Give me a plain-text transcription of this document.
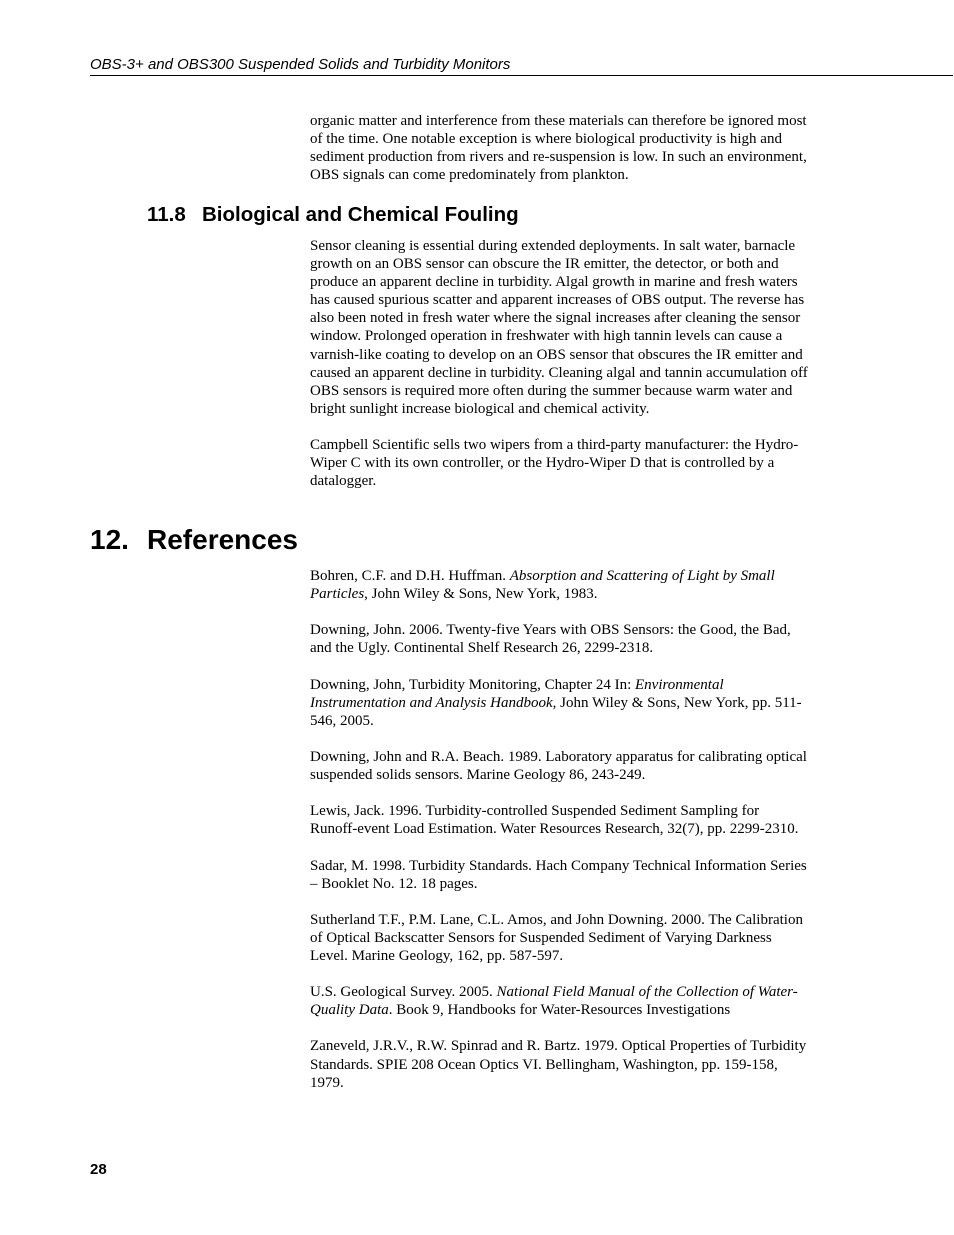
OBS-3+ and OBS300 Suspended Solids and Turbidity Monitors

organic matter and interference from these materials can therefore be ignored most of the time. One notable exception is where biological productivity is high and sediment production from rivers and re-suspension is low. In such an environment, OBS signals can come predominately from plankton.

11.8 Biological and Chemical Fouling

Sensor cleaning is essential during extended deployments. In salt water, barnacle growth on an OBS sensor can obscure the IR emitter, the detector, or both and produce an apparent decline in turbidity. Algal growth in marine and fresh waters has caused spurious scatter and apparent increases of OBS output. The reverse has also been noted in fresh water where the signal increases after cleaning the sensor window. Prolonged operation in freshwater with high tannin levels can cause a varnish-like coating to develop on an OBS sensor that obscures the IR emitter and caused an apparent decline in turbidity. Cleaning algal and tannin accumulation off OBS sensors is required more often during the summer because warm water and bright sunlight increase biological and chemical activity.

Campbell Scientific sells two wipers from a third-party manufacturer: the Hydro-Wiper C with its own controller, or the Hydro-Wiper D that is controlled by a datalogger.

12. References

Bohren, C.F. and D.H. Huffman. Absorption and Scattering of Light by Small Particles, John Wiley & Sons, New York, 1983.

Downing, John. 2006. Twenty-five Years with OBS Sensors: the Good, the Bad, and the Ugly. Continental Shelf Research 26, 2299-2318.

Downing, John, Turbidity Monitoring, Chapter 24 In: Environmental Instrumentation and Analysis Handbook, John Wiley & Sons, New York, pp. 511-546, 2005.

Downing, John and R.A. Beach. 1989. Laboratory apparatus for calibrating optical suspended solids sensors. Marine Geology 86, 243-249.

Lewis, Jack. 1996. Turbidity-controlled Suspended Sediment Sampling for Runoff-event Load Estimation. Water Resources Research, 32(7), pp. 2299-2310.

Sadar, M. 1998. Turbidity Standards. Hach Company Technical Information Series – Booklet No. 12. 18 pages.

Sutherland T.F., P.M. Lane, C.L. Amos, and John Downing. 2000. The Calibration of Optical Backscatter Sensors for Suspended Sediment of Varying Darkness Level. Marine Geology, 162, pp. 587-597.

U.S. Geological Survey. 2005. National Field Manual of the Collection of Water-Quality Data. Book 9, Handbooks for Water-Resources Investigations

Zaneveld, J.R.V., R.W. Spinrad and R. Bartz. 1979. Optical Properties of Turbidity Standards. SPIE 208 Ocean Optics VI. Bellingham, Washington, pp. 159-158, 1979.

28
